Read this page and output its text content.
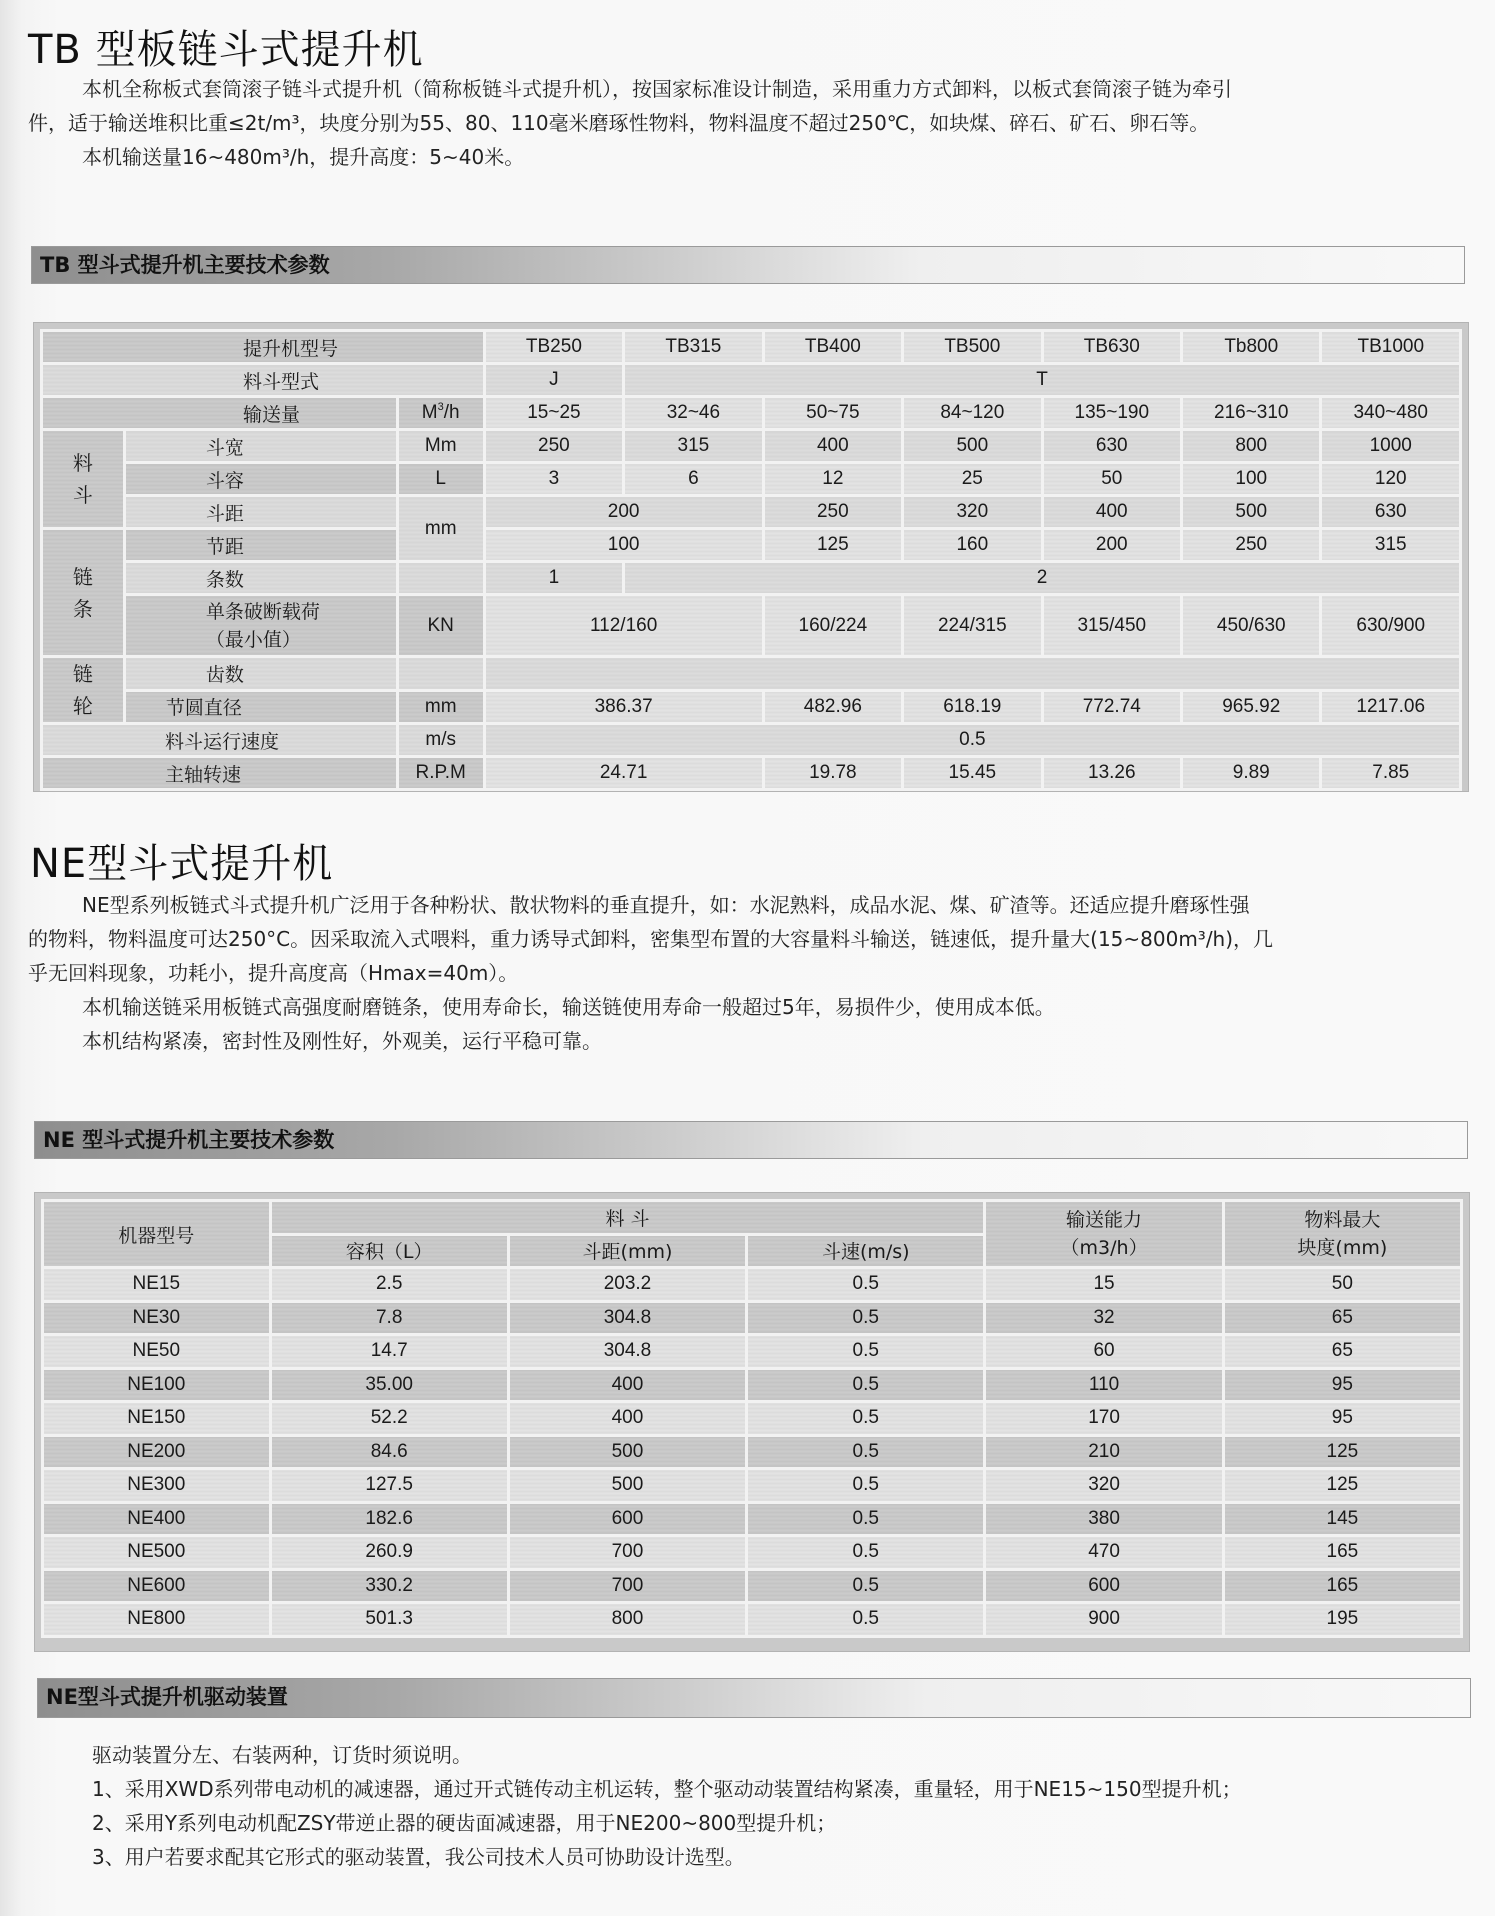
TB 型板链斗式提升机

本机全称板式套筒滚子链斗式提升机（简称板链斗式提升机），按国家标准设计制造，采用重力方式卸料，以板式套筒滚子链为牵引

件，适于输送堆积比重≤2t/m³，块度分别为55、80、110毫米磨琢性物料，物料温度不超过250℃，如块煤、碎石、矿石、卵石等。

本机输送量16~480m³/h，提升高度：5~40米。

TB 型斗式提升机主要技术参数
提升机型号			TB250	TB315	TB400	TB500	TB630	Tb800	TB1000
料斗型式			J	T					
输送量		$M^3/h$	15~25	32~46	50~75	84~120	135~190	216~310	340~480
料斗	斗宽	Mm	250	315	400	500	630	800	1000
	斗容	L	3	6	12	25	50	100	120
	斗距	mm	200		250	320	400	500	630
链条	节距		100		125	160	200	250	315
	条数		1	2					

	单条破断载荷
（最小值）	KN	112/160		160/224	224/315	315/450	450/630	630/900
链轮	齿数								
	节圆直径	mm	386.37		482.96	618.19	772.74	965.92	1217.06
料斗运行速度		m/s	0.5						
主轴转速		R.P.M	24.71		19.78	15.45	13.26	9.89	7.85
NE型斗式提升机

NE型系列板链式斗式提升机广泛用于各种粉状、散状物料的垂直提升，如：水泥熟料，成品水泥、煤、矿渣等。还适应提升磨琢性强

的物料，物料温度可达250°C。因采取流入式喂料，重力诱导式卸料，密集型布置的大容量料斗输送，链速低，提升量大(15~800m³/h)，几

乎无回料现象，功耗小，提升高度高（Hmax=40m）。

本机输送链采用板链式高强度耐磨链条，使用寿命长，输送链使用寿命一般超过5年，易损件少，使用成本低。

本机结构紧凑，密封性及刚性好，外观美，运行平稳可靠。

NE 型斗式提升机主要技术参数
机器型号	料 斗	输送能力
（m3/h）

物料最大
块度(mm)

	容积（L）	斗距(mm)	斗速(m/s)		
NE15	2.5	203.2	0.5	15	50
NE30	7.8	304.8	0.5	32	65
NE50	14.7	304.8	0.5	60	65
NE100	35.00	400	0.5	110	95
NE150	52.2	400	0.5	170	95
NE200	84.6	500	0.5	210	125
NE300	127.5	500	0.5	320	125
NE400	182.6	600	0.5	380	145
NE500	260.9	700	0.5	470	165
NE600	330.2	700	0.5	600	165
NE800	501.3	800	0.5	900	195
NE型斗式提升机驱动装置

驱动装置分左、右装两种，订货时须说明。

1、采用XWD系列带电动机的减速器，通过开式链传动主机运转，整个驱动动装置结构紧凑，重量轻，用于NE15~150型提升机；

2、采用Y系列电动机配ZSY带逆止器的硬齿面减速器，用于NE200~800型提升机；

3、用户若要求配其它形式的驱动装置，我公司技术人员可协助设计选型。
